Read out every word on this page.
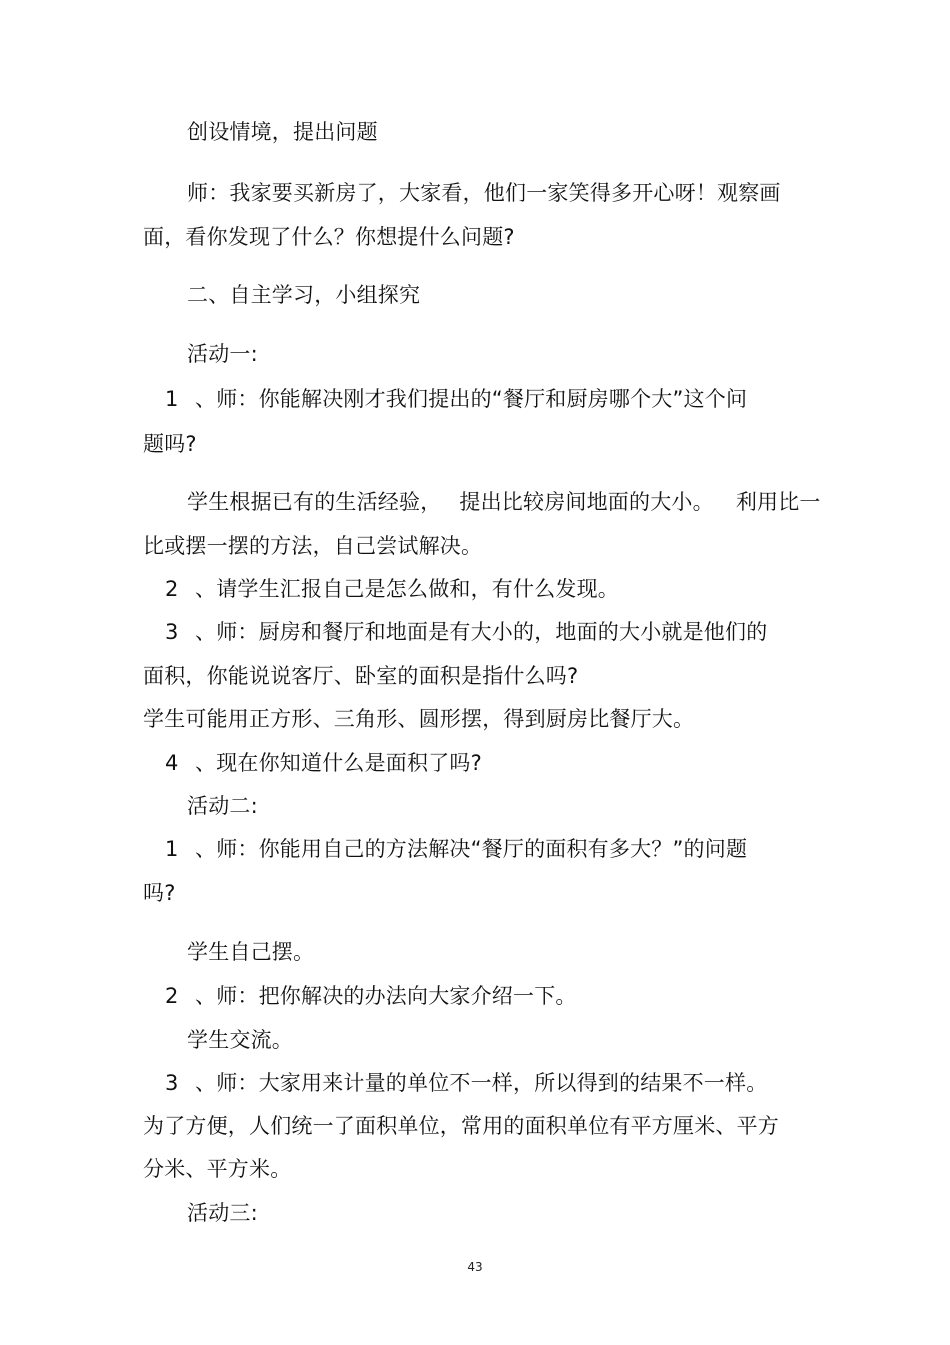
创设情境，提出问题
师：我家要买新房了，大家看，他们一家笑得多开心呀！观察画
面，看你发现了什么？你想提什么问题?
二、自主学习，小组探究
活动一:
1 、师：你能解决刚才我们提出的“餐厅和厨房哪个大”这个问
题吗?
学生根据已有的生活经验， 提出比较房间地面的大小。 利用比一
比或摆一摆的方法，自己尝试解决。
2 、请学生汇报自己是怎么做和，有什么发现。
3 、师：厨房和餐厅和地面是有大小的，地面的大小就是他们的
面积，你能说说客厅、卧室的面积是指什么吗?
学生可能用正方形、三角形、圆形摆，得到厨房比餐厅大。
4 、现在你知道什么是面积了吗?
活动二:
1 、师：你能用自己的方法解决“餐厅的面积有多大？”的问题
吗?
学生自己摆。
2 、师：把你解决的办法向大家介绍一下。
学生交流。
3 、师：大家用来计量的单位不一样，所以得到的结果不一样。
为了方便，人们统一了面积单位，常用的面积单位有平方厘米、平方
分米、平方米。
活动三:
43
